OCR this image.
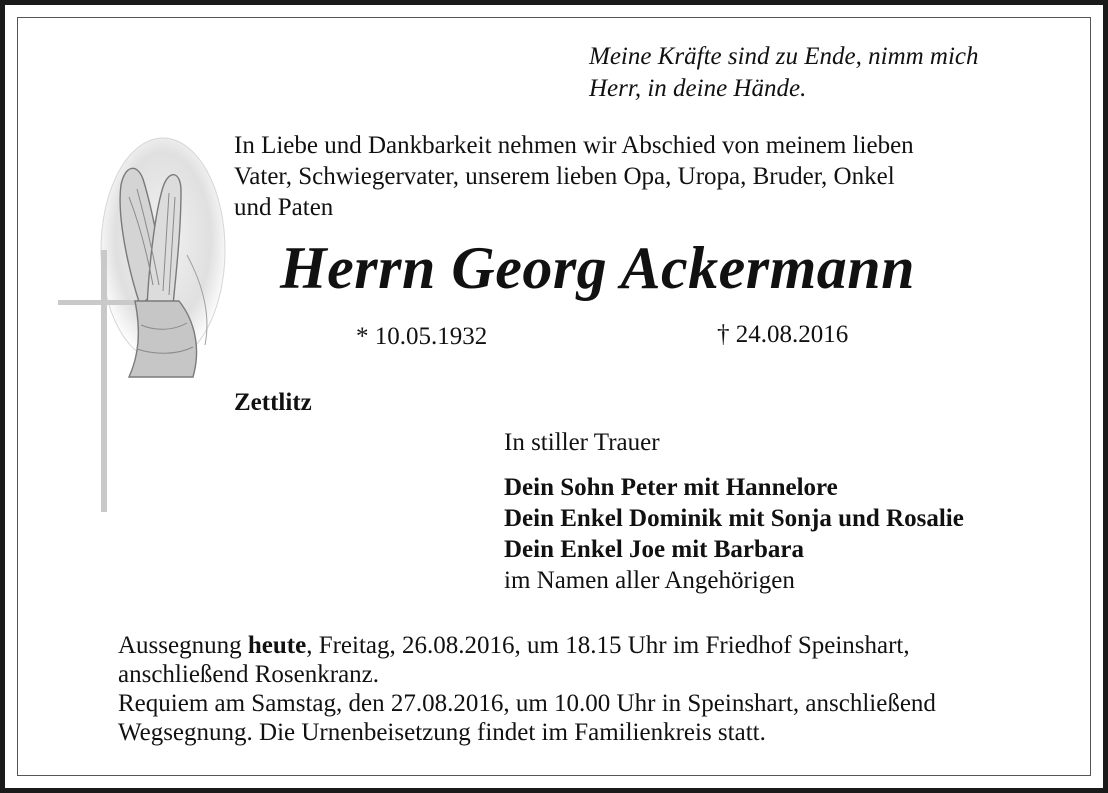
Meine Kräfte sind zu Ende, nimm mich
Herr, in deine Hände.
In Liebe und Dankbarkeit nehmen wir Abschied von meinem lieben
Vater, Schwiegervater, unserem lieben Opa, Uropa, Bruder, Onkel
und Paten
Herrn Georg Ackermann
* 10.05.1932	† 24.08.2016
Zettlitz
In stiller Trauer
Dein Sohn Peter mit Hannelore
Dein Enkel Dominik mit Sonja und Rosalie
Dein Enkel Joe mit Barbara
im Namen aller Angehörigen
Aussegnung heute, Freitag, 26.08.2016, um 18.15 Uhr im Friedhof Speinshart,
anschließend Rosenkranz.
Requiem am Samstag, den 27.08.2016, um 10.00 Uhr in Speinshart, anschließend
Wegsegnung. Die Urnenbeisetzung findet im Familienkreis statt.
